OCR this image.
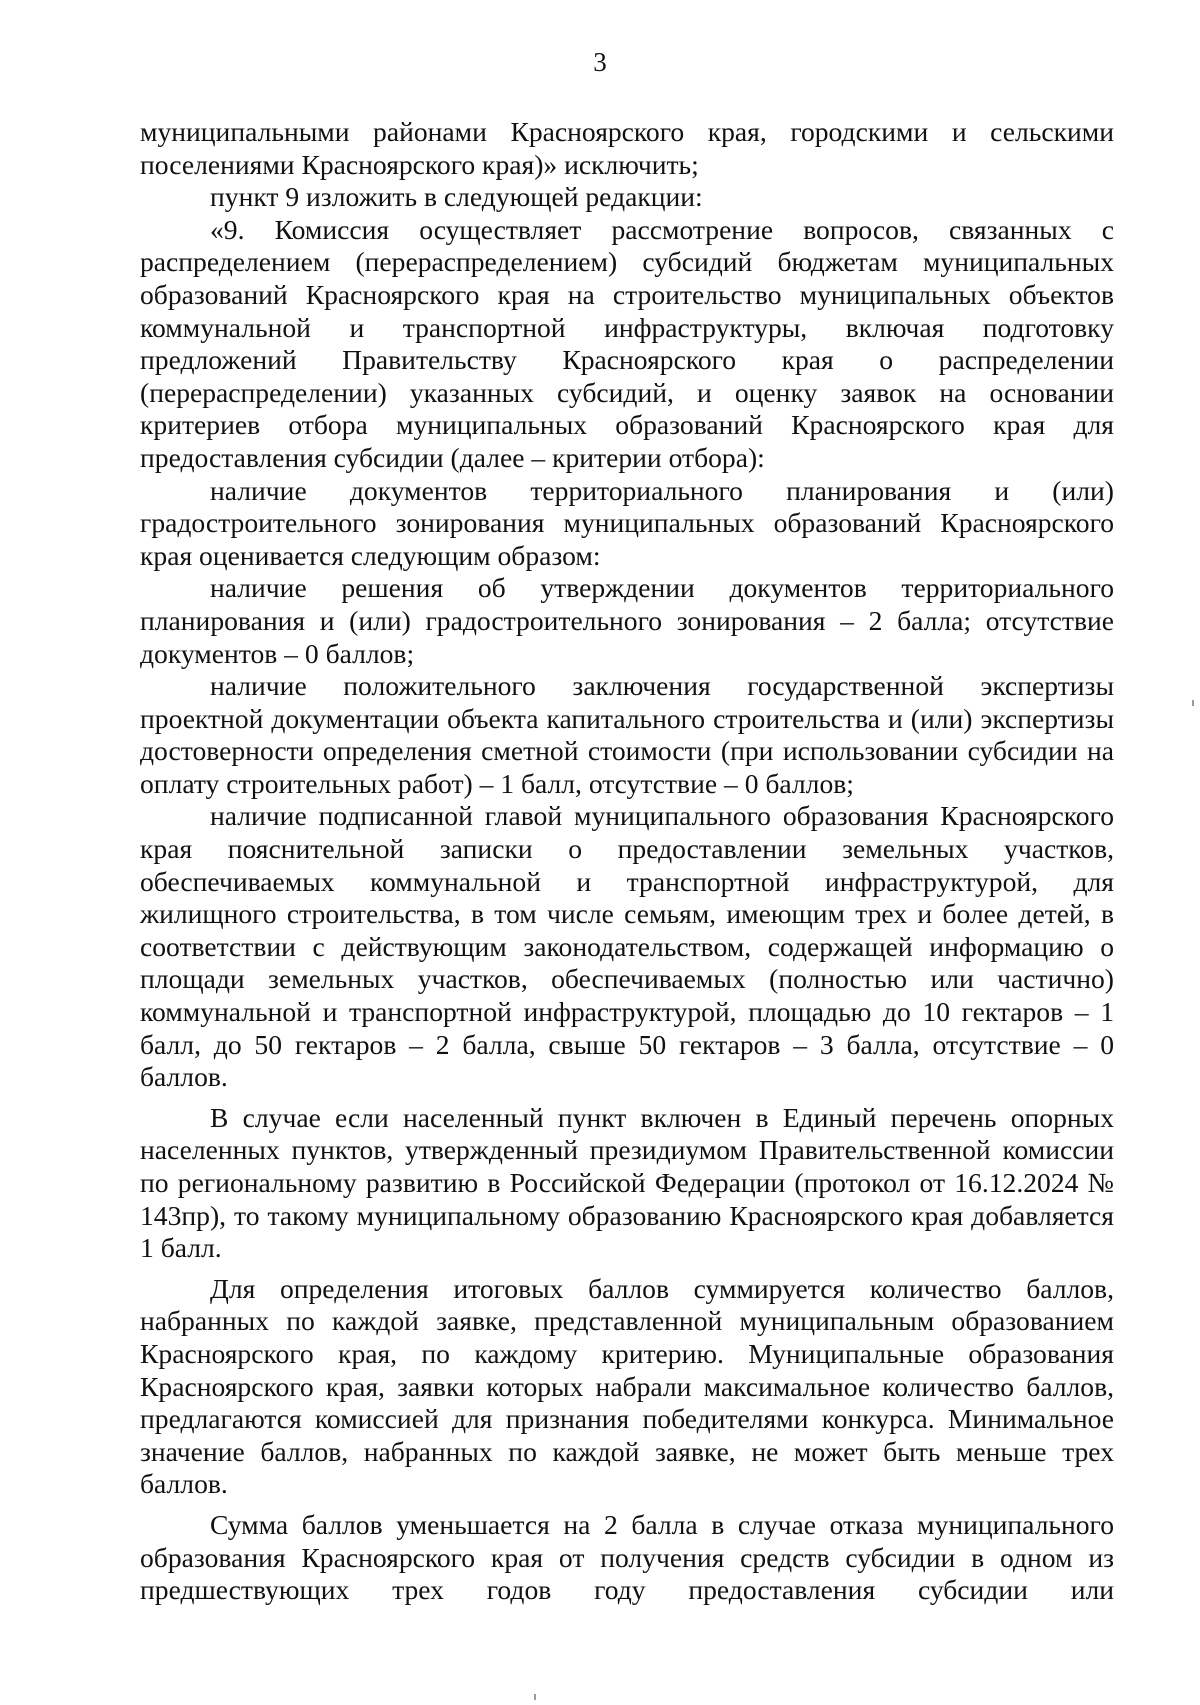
3

муниципальными районами Красноярского края, городскими и сельскими поселениями Красноярского края)» исключить;

пункт 9 изложить в следующей редакции:

«9. Комиссия осуществляет рассмотрение вопросов, связанных с распределением (перераспределением) субсидий бюджетам муниципальных образований Красноярского края на строительство муниципальных объектов коммунальной и транспортной инфраструктуры, включая подготовку предложений Правительству Красноярского края о распределении (перераспределении) указанных субсидий, и оценку заявок на основании критериев отбора муниципальных образований Красноярского края для предоставления субсидии (далее – критерии отбора):

наличие документов территориального планирования и (или) градостроительного зонирования муниципальных образований Красноярского края оценивается следующим образом:

наличие решения об утверждении документов территориального планирования и (или) градостроительного зонирования – 2 балла; отсутствие документов – 0 баллов;

наличие положительного заключения государственной экспертизы проектной документации объекта капитального строительства и (или) экспертизы достоверности определения сметной стоимости (при использовании субсидии на оплату строительных работ) – 1 балл, отсутствие – 0 баллов;

наличие подписанной главой муниципального образования Красноярского края пояснительной записки о предоставлении земельных участков, обеспечиваемых коммунальной и транспортной инфраструктурой, для жилищного строительства, в том числе семьям, имеющим трех и более детей, в соответствии с действующим законодательством, содержащей информацию о площади земельных участков, обеспечиваемых (полностью или частично) коммунальной и транспортной инфраструктурой, площадью до 10 гектаров – 1 балл, до 50 гектаров – 2 балла, свыше 50 гектаров – 3 балла, отсутствие – 0 баллов.

В случае если населенный пункт включен в Единый перечень опорных населенных пунктов, утвержденный президиумом Правительственной комиссии по региональному развитию в Российской Федерации (протокол от 16.12.2024 № 143пр), то такому муниципальному образованию Красноярского края добавляется 1 балл.

Для определения итоговых баллов суммируется количество баллов, набранных по каждой заявке, представленной муниципальным образованием Красноярского края, по каждому критерию. Муниципальные образования Красноярского края, заявки которых набрали максимальное количество баллов, предлагаются комиссией для признания победителями конкурса. Минимальное значение баллов, набранных по каждой заявке, не может быть меньше трех баллов.

Сумма баллов уменьшается на 2 балла в случае отказа муниципального образования Красноярского края от получения средств субсидии в одном из предшествующих трех годов году предоставления субсидии или
